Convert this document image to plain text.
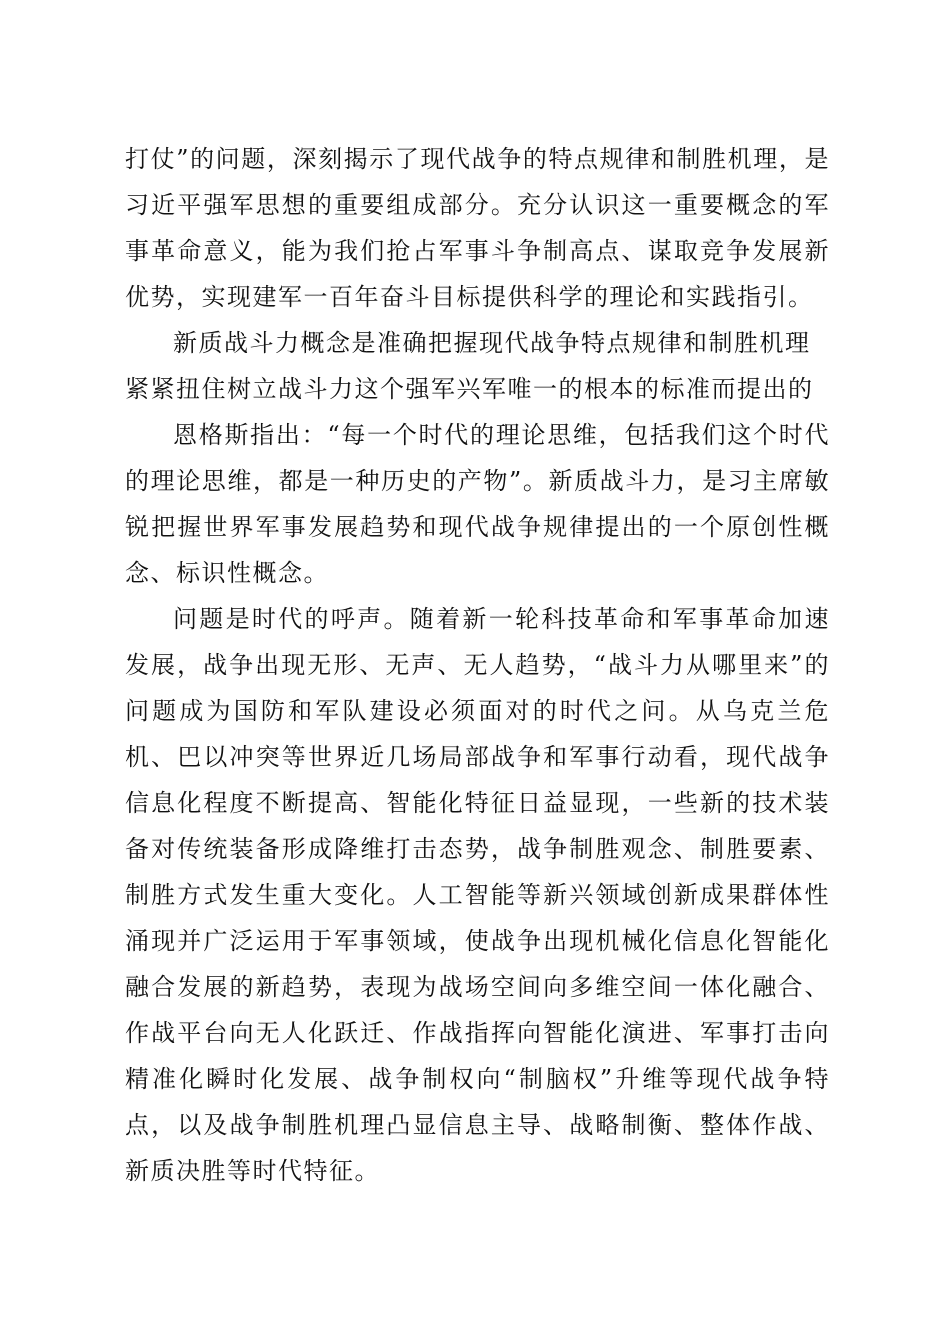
打仗”的问题，深刻揭示了现代战争的特点规律和制胜机理，是习近平强军思想的重要组成部分。充分认识这一重要概念的军事革命意义，能为我们抢占军事斗争制高点、谋取竞争发展新优势，实现建军一百年奋斗目标提供科学的理论和实践指引。

新质战斗力概念是准确把握现代战争特点规律和制胜机理紧紧扭住树立战斗力这个强军兴军唯一的根本的标准而提出的

恩格斯指出：“每一个时代的理论思维，包括我们这个时代的理论思维，都是一种历史的产物”。新质战斗力，是习主席敏锐把握世界军事发展趋势和现代战争规律提出的一个原创性概念、标识性概念。

问题是时代的呼声。随着新一轮科技革命和军事革命加速发展，战争出现无形、无声、无人趋势，“战斗力从哪里来”的问题成为国防和军队建设必须面对的时代之问。从乌克兰危机、巴以冲突等世界近几场局部战争和军事行动看，现代战争信息化程度不断提高、智能化特征日益显现，一些新的技术装备对传统装备形成降维打击态势，战争制胜观念、制胜要素、制胜方式发生重大变化。人工智能等新兴领域创新成果群体性涌现并广泛运用于军事领域，使战争出现机械化信息化智能化融合发展的新趋势，表现为战场空间向多维空间一体化融合、作战平台向无人化跃迁、作战指挥向智能化演进、军事打击向精准化瞬时化发展、战争制权向“制脑权”升维等现代战争特点，以及战争制胜机理凸显信息主导、战略制衡、整体作战、新质决胜等时代特征。
